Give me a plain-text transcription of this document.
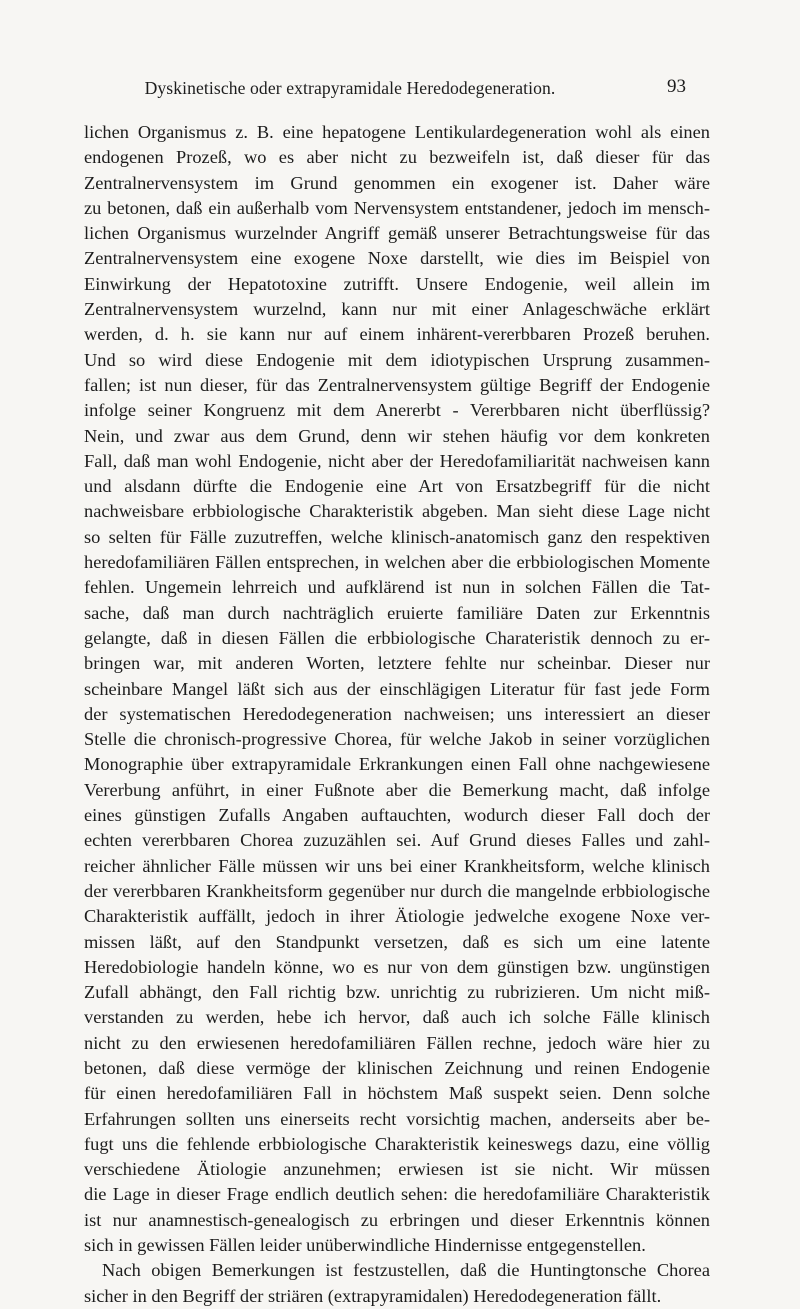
Dyskinetische oder extrapyramidale Heredodegeneration.	93
lichen Organismus z. B. eine hepatogene Lentikulardegeneration wohl als einen
endogenen Prozeß, wo es aber nicht zu bezweifeln ist, daß dieser für das
Zentralnervensystem im Grund genommen ein exogener ist. Daher wäre
zu betonen, daß ein außerhalb vom Nervensystem entstandener, jedoch im mensch-
lichen Organismus wurzelnder Angriff gemäß unserer Betrachtungsweise für das
Zentralnervensystem eine exogene Noxe darstellt, wie dies im Beispiel von
Einwirkung der Hepatotoxine zutrifft. Unsere Endogenie, weil allein im
Zentralnervensystem wurzelnd, kann nur mit einer Anlageschwäche erklärt
werden, d. h. sie kann nur auf einem inhärent-vererbbaren Prozeß beruhen.
Und so wird diese Endogenie mit dem idiotypischen Ursprung zusammen-
fallen; ist nun dieser, für das Zentralnervensystem gültige Begriff der Endogenie
infolge seiner Kongruenz mit dem Anererbt - Vererbbaren nicht überflüssig?
Nein, und zwar aus dem Grund, denn wir stehen häufig vor dem konkreten
Fall, daß man wohl Endogenie, nicht aber der Heredofamiliarität nachweisen kann
und alsdann dürfte die Endogenie eine Art von Ersatzbegriff für die nicht
nachweisbare erbbiologische Charakteristik abgeben. Man sieht diese Lage nicht
so selten für Fälle zuzutreffen, welche klinisch-anatomisch ganz den respektiven
heredofamiliären Fällen entsprechen, in welchen aber die erbbiologischen Momente
fehlen. Ungemein lehrreich und aufklärend ist nun in solchen Fällen die Tat-
sache, daß man durch nachträglich eruierte familiäre Daten zur Erkenntnis
gelangte, daß in diesen Fällen die erbbiologische Charateristik dennoch zu er-
bringen war, mit anderen Worten, letztere fehlte nur scheinbar. Dieser nur
scheinbare Mangel läßt sich aus der einschlägigen Literatur für fast jede Form
der systematischen Heredodegeneration nachweisen; uns interessiert an dieser
Stelle die chronisch-progressive Chorea, für welche Jakob in seiner vorzüglichen
Monographie über extrapyramidale Erkrankungen einen Fall ohne nachgewiesene
Vererbung anführt, in einer Fußnote aber die Bemerkung macht, daß infolge
eines günstigen Zufalls Angaben auftauchten, wodurch dieser Fall doch der
echten vererbbaren Chorea zuzuzählen sei. Auf Grund dieses Falles und zahl-
reicher ähnlicher Fälle müssen wir uns bei einer Krankheitsform, welche klinisch
der vererbbaren Krankheitsform gegenüber nur durch die mangelnde erbbiologische
Charakteristik auffällt, jedoch in ihrer Ätiologie jedwelche exogene Noxe ver-
missen läßt, auf den Standpunkt versetzen, daß es sich um eine latente
Heredobiologie handeln könne, wo es nur von dem günstigen bzw. ungünstigen
Zufall abhängt, den Fall richtig bzw. unrichtig zu rubrizieren. Um nicht miß-
verstanden zu werden, hebe ich hervor, daß auch ich solche Fälle klinisch
nicht zu den erwiesenen heredofamiliären Fällen rechne, jedoch wäre hier zu
betonen, daß diese vermöge der klinischen Zeichnung und reinen Endogenie
für einen heredofamiliären Fall in höchstem Maß suspekt seien. Denn solche
Erfahrungen sollten uns einerseits recht vorsichtig machen, anderseits aber be-
fugt uns die fehlende erbbiologische Charakteristik keineswegs dazu, eine völlig
verschiedene Ätiologie anzunehmen; erwiesen ist sie nicht. Wir müssen
die Lage in dieser Frage endlich deutlich sehen: die heredofamiliäre Charakteristik
ist nur anamnestisch-genealogisch zu erbringen und dieser Erkenntnis können
sich in gewissen Fällen leider unüberwindliche Hindernisse entgegenstellen.
Nach obigen Bemerkungen ist festzustellen, daß die Huntingtonsche Chorea
sicher in den Begriff der striären (extrapyramidalen) Heredodegeneration fällt.
